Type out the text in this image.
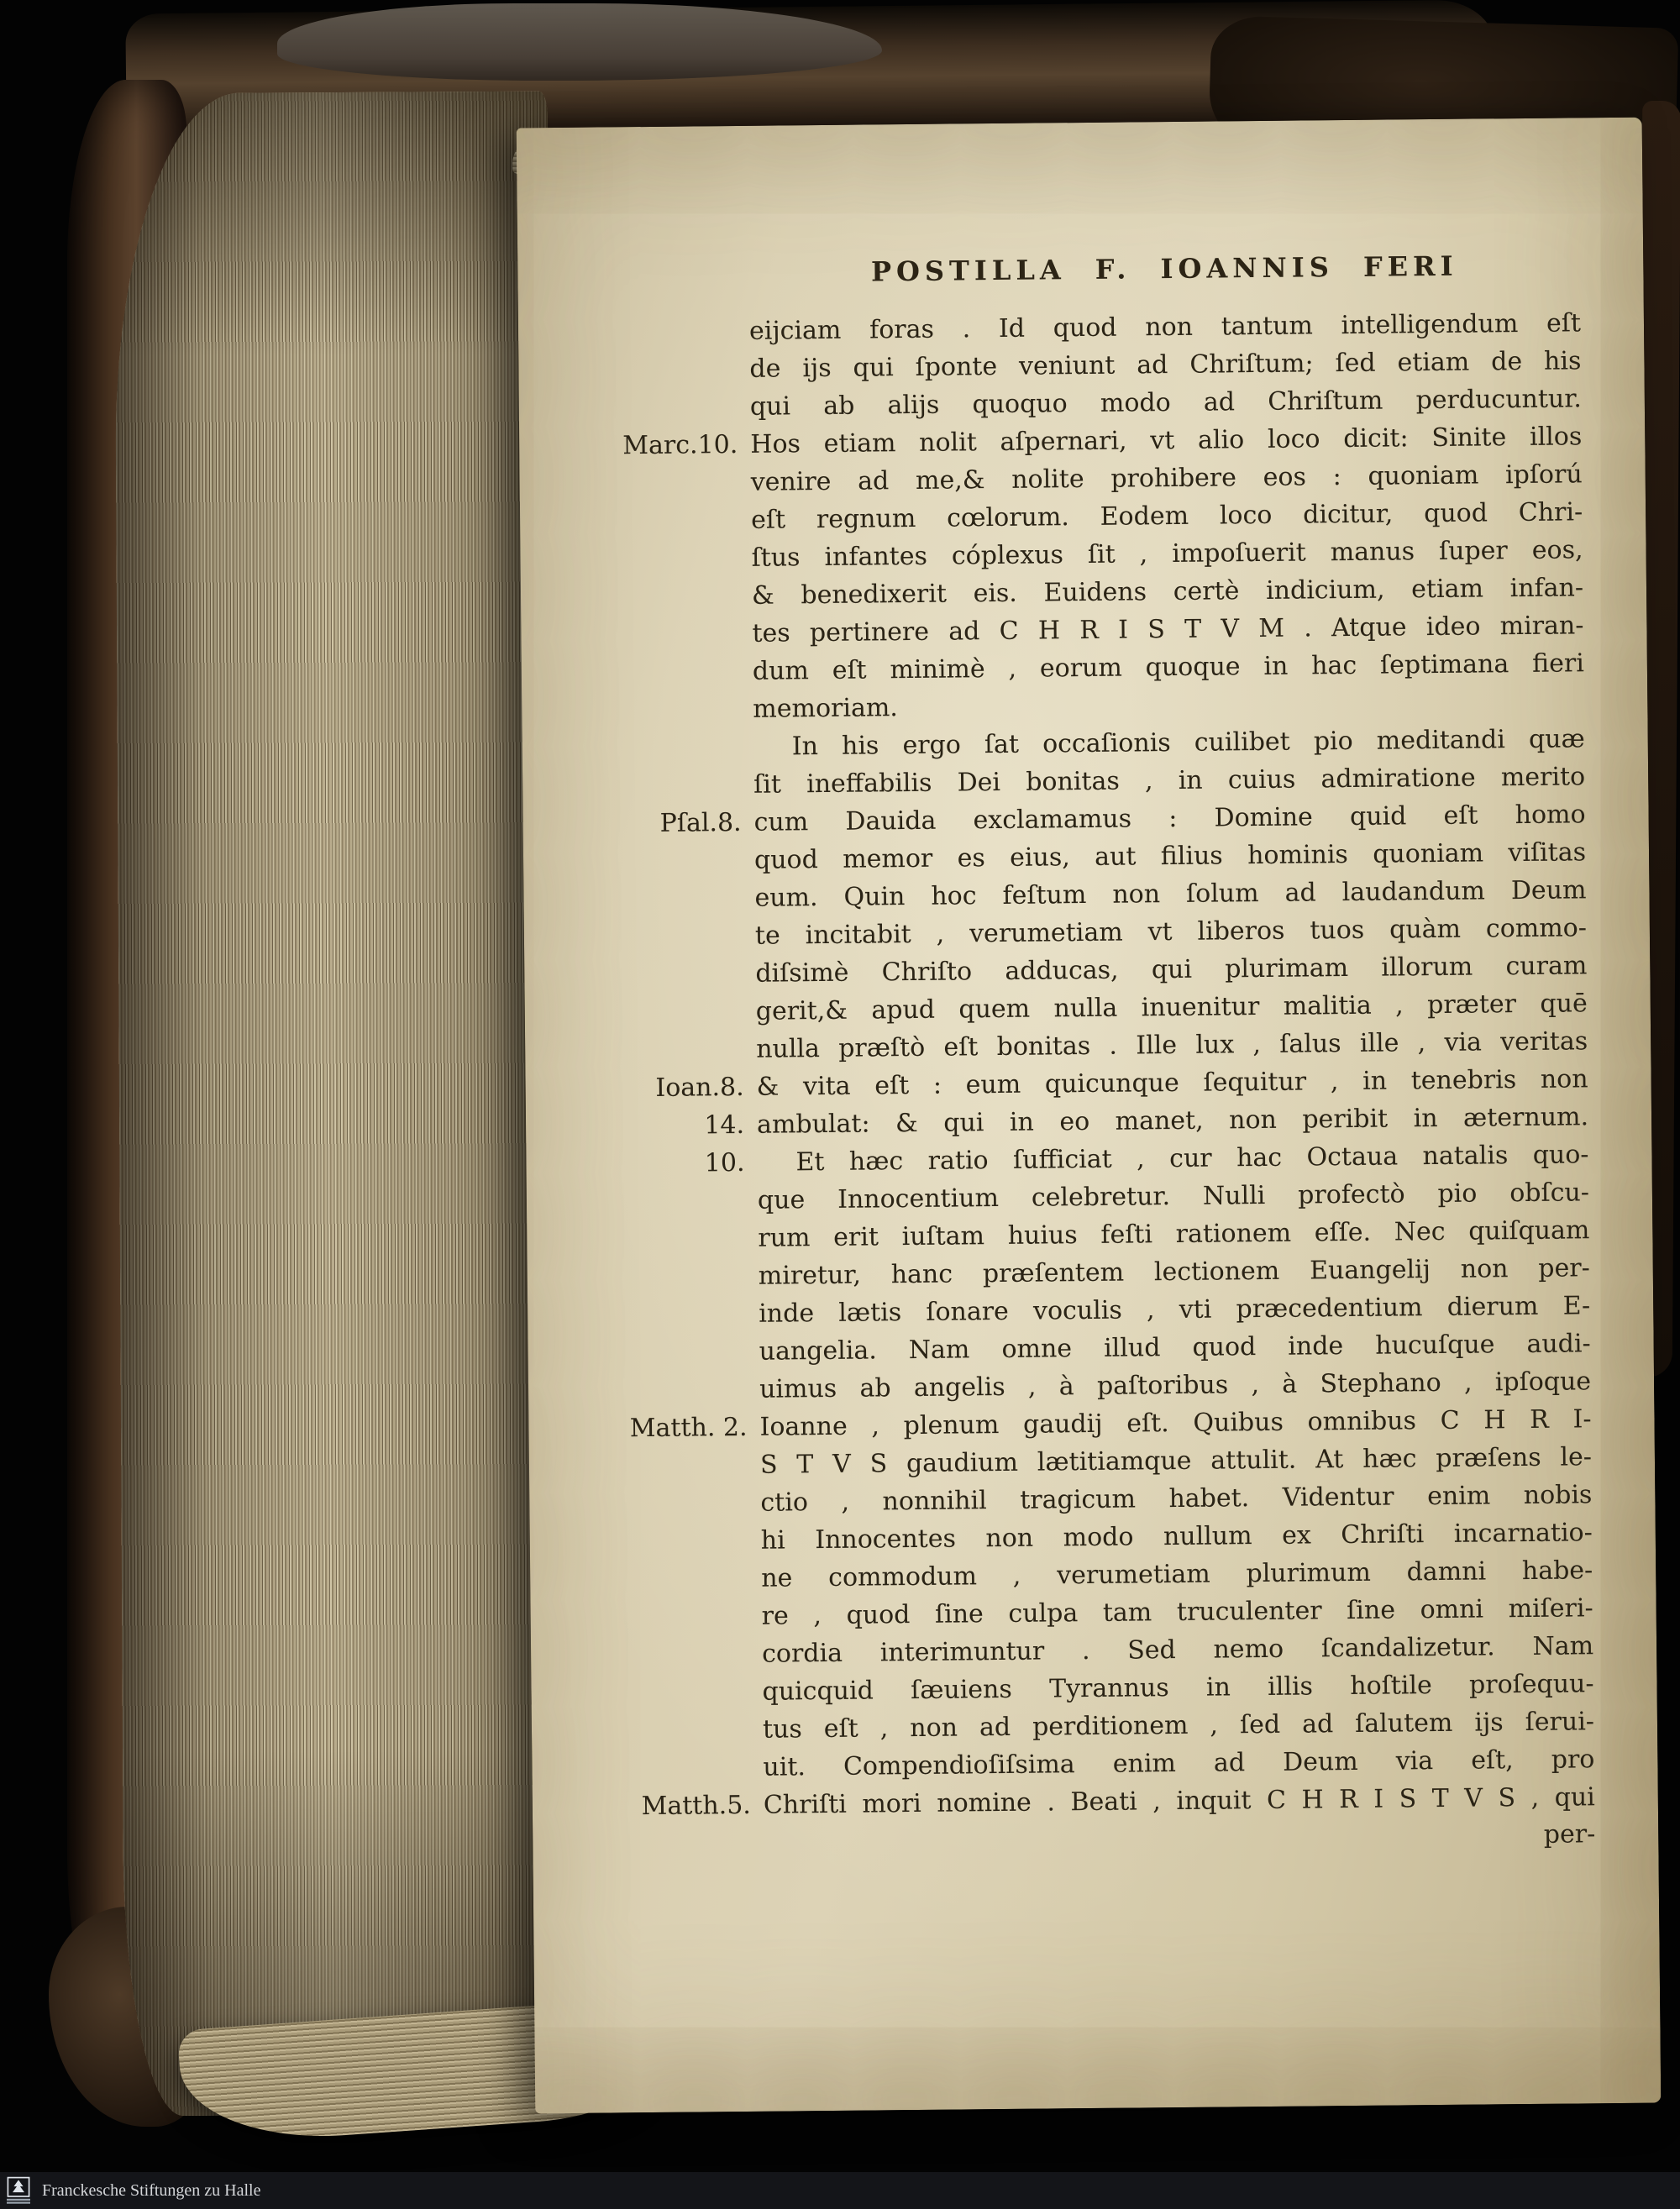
POSTILLA F. IOANNIS FERI
Marc.10.
Pſal.8.
Ioan.8.
14.
10.
Matth. 2.
Matth.5.
eijciam foras . Id quod non tantum intelligendum eſt
de ijs qui ſponte veniunt ad Chriſtum; ſed etiam de his
qui ab alijs quoquo modo ad Chriſtum perducuntur.
Hos etiam nolit aſpernari, vt alio loco dicit: Sinite illos
venire ad me,& nolite prohibere eos : quoniam ipſorú
eſt regnum cœlorum. Eodem loco dicitur, quod Chri-
ſtus infantes cóplexus ſit , impoſuerit manus ſuper eos,
& benedixerit eis. Euidens certè indicium, etiam infan-
tes pertinere ad C H R I S T V M . Atque ideo miran-
dum eſt minimè , eorum quoque in hac ſeptimana fieri
memoriam.
In his ergo ſat occaſionis cuilibet pio meditandi quæ
ſit ineffabilis Dei bonitas , in cuius admiratione merito
cum Dauida exclamamus : Domine quid eſt homo
quod memor es eius, aut filius hominis quoniam viſitas
eum. Quin hoc feſtum non ſolum ad laudandum Deum
te incitabit , verumetiam vt liberos tuos quàm commo-
diſsimè Chriſto adducas, qui plurimam illorum curam
gerit,& apud quem nulla inuenitur malitia , præter quē
nulla præſtò eſt bonitas . Ille lux , ſalus ille , via veritas
& vita eſt : eum quicunque ſequitur , in tenebris non
ambulat: & qui in eo manet, non peribit in æternum.
Et hæc ratio ſufficiat , cur hac Octaua natalis quo-
que Innocentium celebretur. Nulli profectò pio obſcu-
rum erit iuſtam huius feſti rationem eſſe. Nec quiſquam
miretur, hanc præſentem lectionem Euangelij non per-
inde lætis ſonare voculis , vti præcedentium dierum E-
uangelia. Nam omne illud quod inde hucuſque audi-
uimus ab angelis , à paſtoribus , à Stephano , ipſoque
Ioanne , plenum gaudij eſt. Quibus omnibus C H R I-
S T V S gaudium lætitiamque attulit. At hæc præſens le-
ctio , nonnihil tragicum habet. Videntur enim nobis
hi Innocentes non modo nullum ex Chriſti incarnatio-
ne commodum , verumetiam plurimum damni habe-
re , quod ſine culpa tam truculenter ſine omni miſeri-
cordia interimuntur . Sed nemo ſcandalizetur. Nam
quicquid ſæuiens Tyrannus in illis hoſtile proſequu-
tus eſt , non ad perditionem , ſed ad ſalutem ijs ſerui-
uit. Compendioſiſsima enim ad Deum via eſt, pro
Chriſti mori nomine . Beati , inquit C H R I S T V S , qui
per-
Franckesche Stiftungen zu Halle
